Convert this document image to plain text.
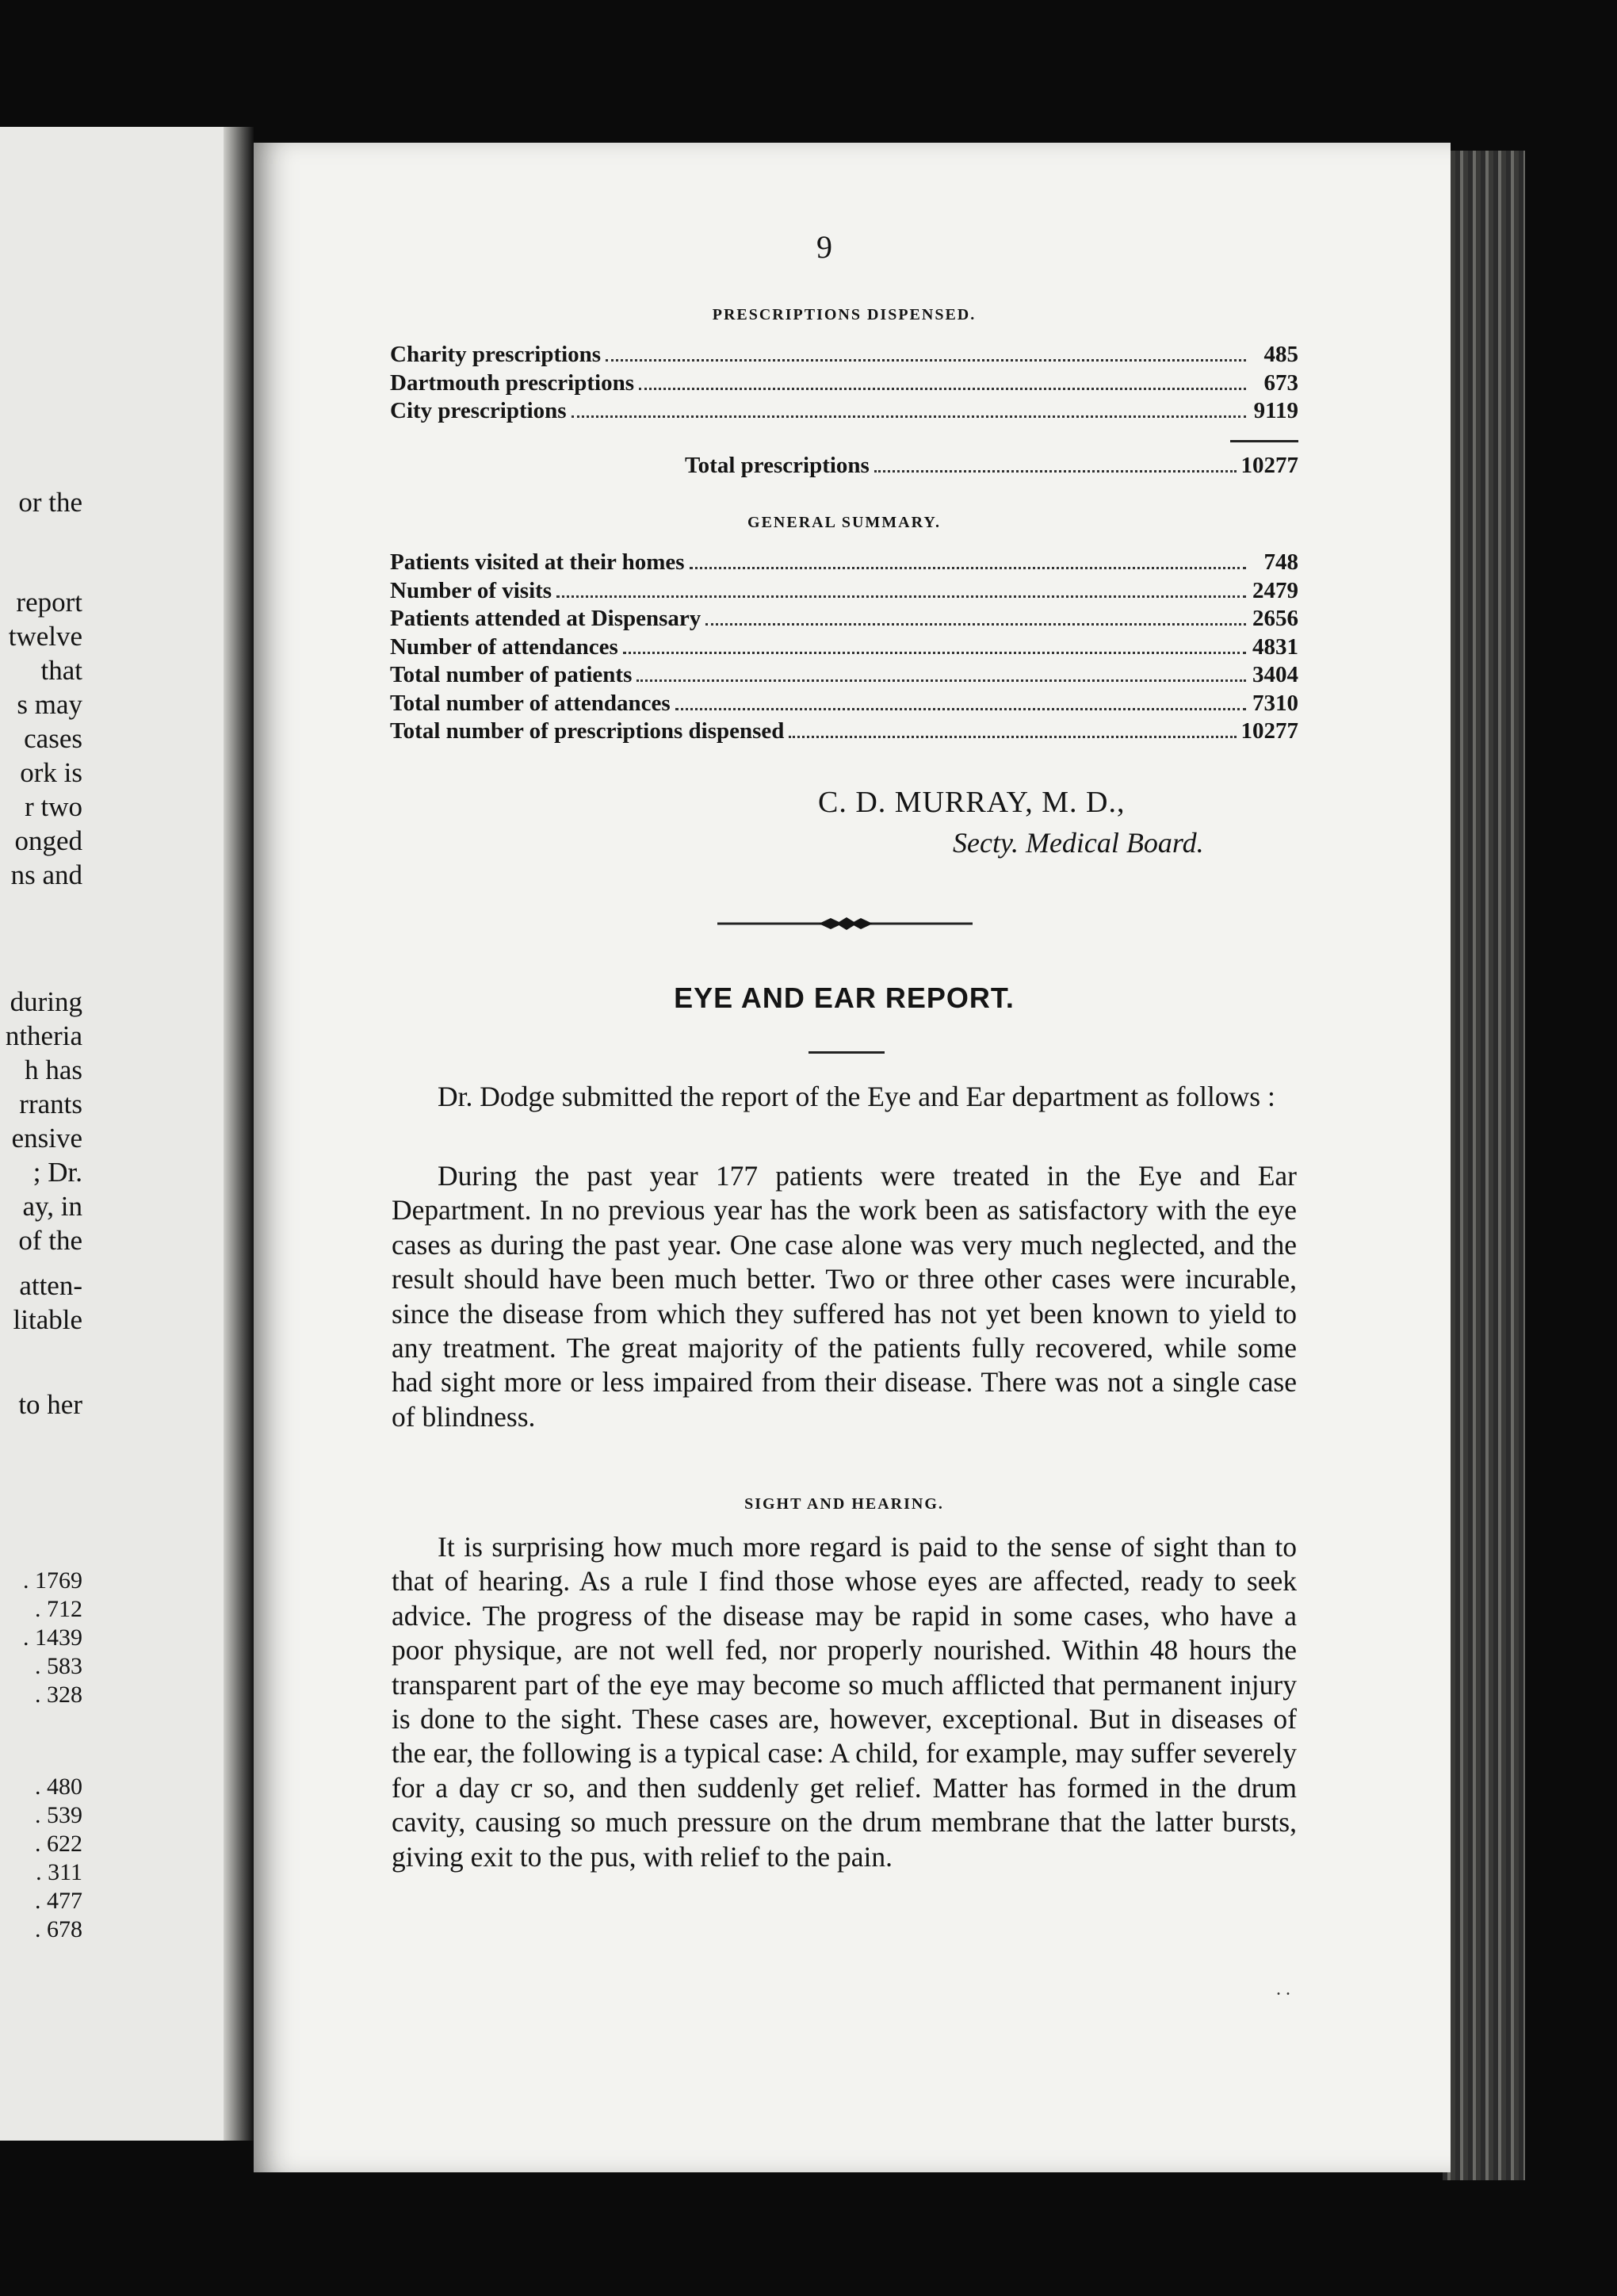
or the
report
twelve
that
s may
cases
ork is
r two
onged
ns and
during
ntheria
h has
rrants
ensive
; Dr.
ay, in
of the
atten-
litable
to her
. 1769
. 712
. 1439
. 583
. 328
. 480
. 539
. 622
. 311
. 477
. 678
9
PRESCRIPTIONS DISPENSED.
Charity prescriptions	485
Dartmouth prescriptions	673
City prescriptions	9119
Total prescriptions	10277
GENERAL SUMMARY.
Patients visited at their homes	748
Number of visits	2479
Patients attended at Dispensary	2656
Number of attendances	4831
Total number of patients	3404
Total number of attendances	7310
Total number of prescriptions dispensed	10277
C. D. MURRAY, M. D.,
Secty. Medical Board.
EYE AND EAR REPORT.

Dr. Dodge submitted the report of the Eye and Ear department as follows :

During the past year 177 patients were treated in the Eye and Ear Department. In no previous year has the work been as satisfactory with the eye cases as during the past year. One case alone was very much neglected, and the result should have been much better. Two or three other cases were incurable, since the disease from which they suffered has not yet been known to yield to any treatment. The great majority of the patients fully recovered, while some had sight more or less impaired from their disease. There was not a single case of blindness.

SIGHT AND HEARING.

It is surprising how much more regard is paid to the sense of sight than to that of hearing. As a rule I find those whose eyes are affected, ready to seek advice. The progress of the disease may be rapid in some cases, who have a poor physique, are not well fed, nor properly nourished. Within 48 hours the transparent part of the eye may become so much afflicted that permanent injury is done to the sight. These cases are, however, exceptional. But in diseases of the ear, the following is a typical case: A child, for example, may suffer severely for a day cr so, and then suddenly get relief. Matter has formed in the drum cavity, causing so much pressure on the drum membrane that the latter bursts, giving exit to the pus, with relief to the pain.

. .
